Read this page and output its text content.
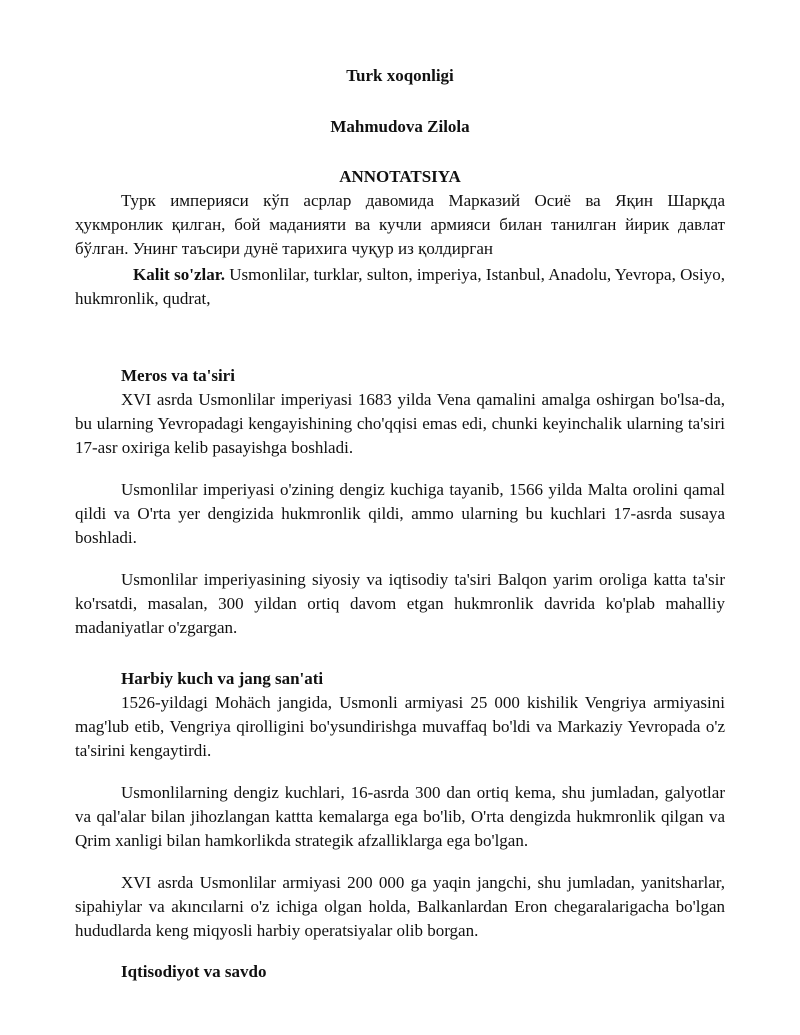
Turk xoqonligi
Mahmudova Zilola
ANNOTATSIYA

Турк империяси кўп асрлар давомида Марказий Осиё ва Яқин Шарқда ҳукмронлик қилган, бой маданияти ва кучли армияси билан танилган йирик давлат бўлган. Унинг таъсири дунё тарихига чуқур из қолдирган

Kalit so'zlar. Usmonlilar, turklar, sulton, imperiya, Istanbul, Anadolu, Yevropa, Osiyo, hukmronlik, qudrat,

Meros va ta'siri

XVI asrda Usmonlilar imperiyasi 1683 yilda Vena qamalini amalga oshirgan bo'lsa-da, bu ularning Yevropadagi kengayishining cho'qqisi emas edi, chunki keyinchalik ularning ta'siri 17-asr oxiriga kelib pasayishga boshladi.

Usmonlilar imperiyasi o'zining dengiz kuchiga tayanib, 1566 yilda Malta orolini qamal qildi va O'rta yer dengizida hukmronlik qildi, ammo ularning bu kuchlari 17-asrda susaya boshladi.

Usmonlilar imperiyasining siyosiy va iqtisodiy ta'siri Balqon yarim oroliga katta ta'sir ko'rsatdi, masalan, 300 yildan ortiq davom etgan hukmronlik davrida ko'plab mahalliy madaniyatlar o'zgargan.

Harbiy kuch va jang san'ati

1526-yildagi Mohäch jangida, Usmonli armiyasi 25 000 kishilik Vengriya armiyasini mag'lub etib, Vengriya qirolligini bo'ysundirishga muvaffaq bo'ldi va Markaziy Yevropada o'z ta'sirini kengaytirdi.

Usmonlilarning dengiz kuchlari, 16-asrda 300 dan ortiq kema, shu jumladan, galyotlar va qal'alar bilan jihozlangan kattta kemalarga ega bo'lib, O'rta dengizda hukmronlik qilgan va Qrim xanligi bilan hamkorlikda strategik afzalliklarga ega bo'lgan.

XVI asrda Usmonlilar armiyasi 200 000 ga yaqin jangchi, shu jumladan, yanitsharlar, sipahiylar va akıncılarni o'z ichiga olgan holda, Balkanlardan Eron chegaralarigacha bo'lgan hududlarda keng miqyosli harbiy operatsiyalar olib borgan.

Iqtisodiyot va savdo
